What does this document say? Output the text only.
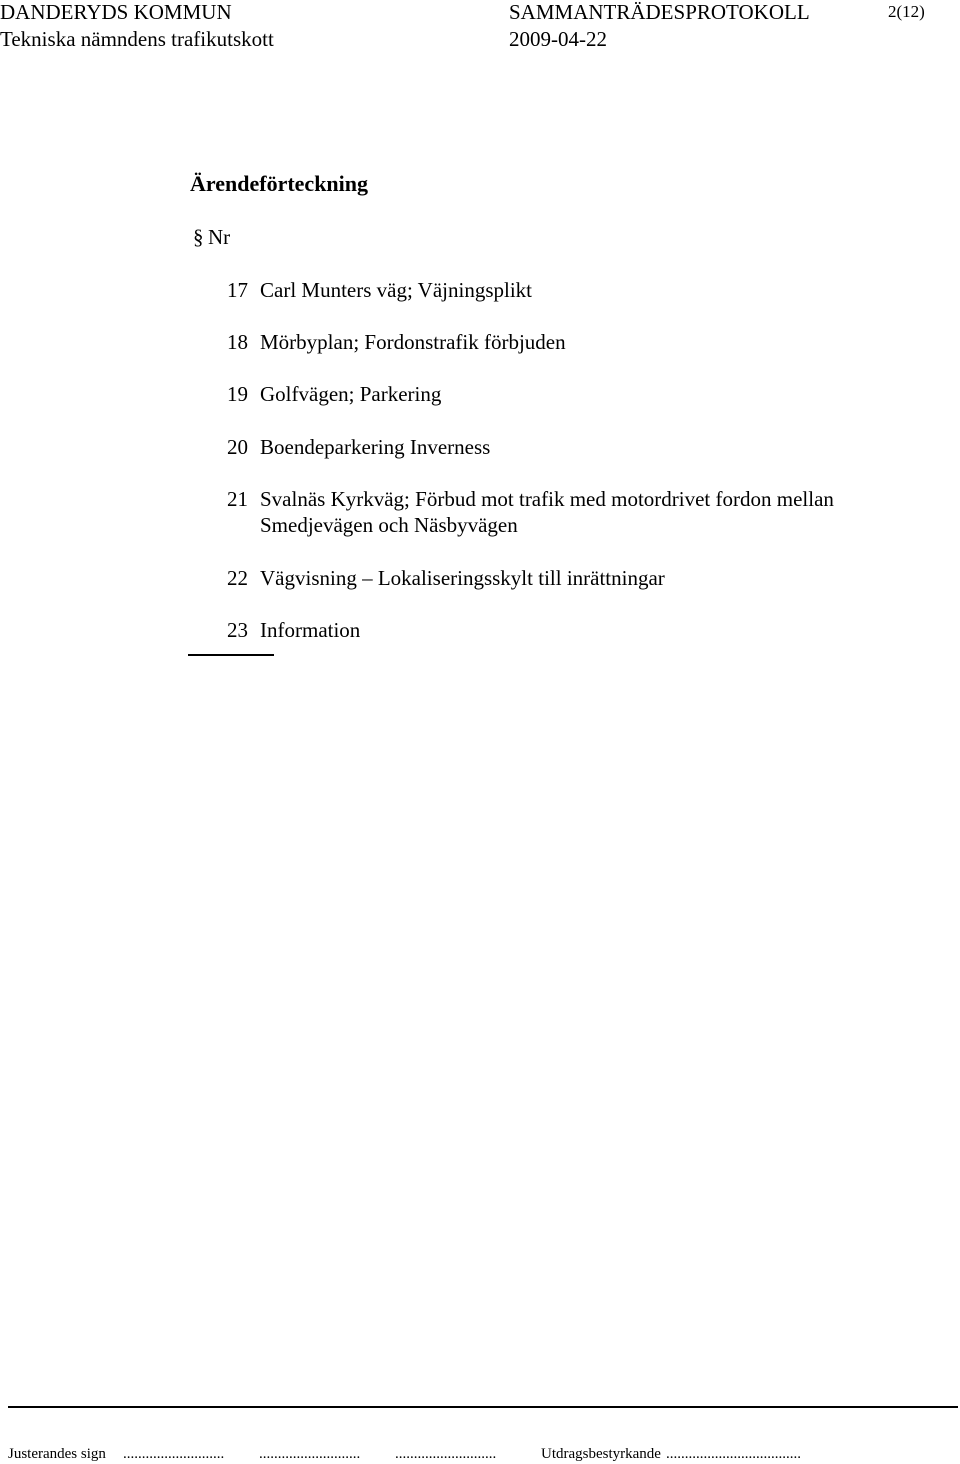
DANDERYDS KOMMUN
Tekniska nämndens trafikutskott
SAMMANTRÄDESPROTOKOLL
2009-04-22
2(12)
Ärendeförteckning
§ Nr
17 Carl Munters väg; Väjningsplikt
18 Mörbyplan; Fordonstrafik förbjuden
19 Golfvägen; Parkering
20 Boendeparkering Inverness
21 Svalnäs Kyrkväg; Förbud mot trafik med motordrivet fordon mellan Smedjevägen och Näsbyvägen
22 Vägvisning – Lokaliseringsskylt till inrättningar
23 Information
Justerandes sign ........................... ........................... ...........................	Utdragsbestyrkande ....................................
